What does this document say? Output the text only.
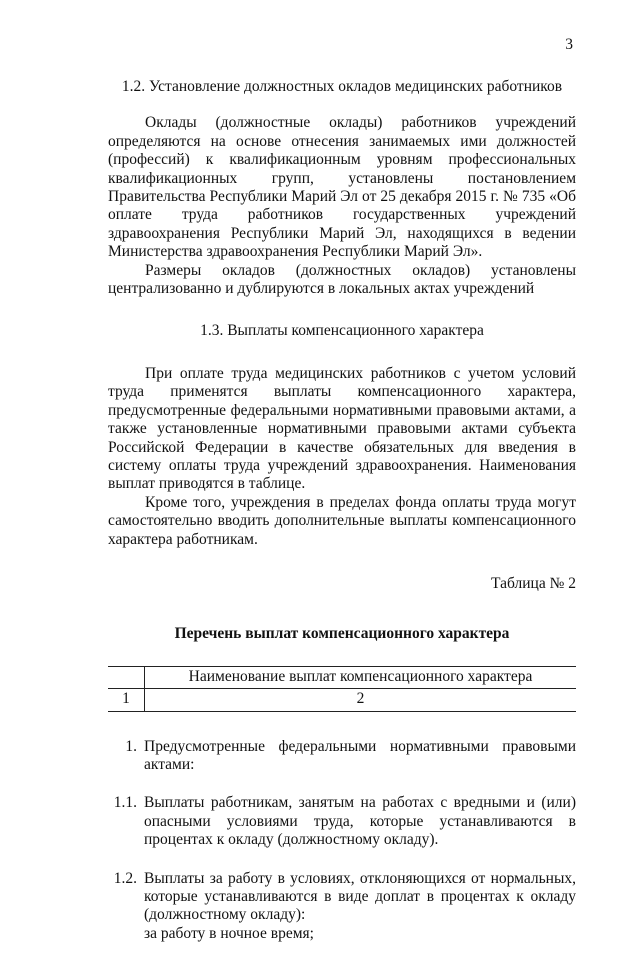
3
1.2. Установление должностных окладов медицинских работников

Оклады (должностные оклады) работников учреждений определяются на основе отнесения занимаемых ими должностей (профессий) к квалификационным уровням профессиональных квалификационных групп, установлены постановлением Правительства Республики Марий Эл от 25 декабря 2015 г. № 735 «Об оплате труда работников государственных учреждений здравоохранения Республики Марий Эл, находящихся в ведении Министерства здравоохранения Республики Марий Эл».

Размеры окладов (должностных окладов) установлены централизованно и дублируются в локальных актах учреждений

1.3. Выплаты компенсационного характера

При оплате труда медицинских работников с учетом условий труда применятся выплаты компенсационного характера, предусмотренные федеральными нормативными правовыми актами, а также установленные нормативными правовыми актами субъекта Российской Федерации в качестве обязательных для введения в систему оплаты труда учреждений здравоохранения. Наименования выплат приводятся в таблице.

Кроме того, учреждения в пределах фонда оплаты труда могут самостоятельно вводить дополнительные выплаты компенсационного характера работникам.

Таблица № 2
Перечень выплат компенсационного характера
	Наименование выплат компенсационного характера
1	2
1. Предусмотренные федеральными нормативными правовыми актами:
1.1. Выплаты работникам, занятым на работах с вредными и (или) опасными условиями труда, которые устанавливаются в процентах к окладу (должностному окладу).
1.2. Выплаты за работу в условиях, отклоняющихся от нормальных, которые устанавливаются в виде доплат в процентах к окладу (должностному окладу):
за работу в ночное время;
